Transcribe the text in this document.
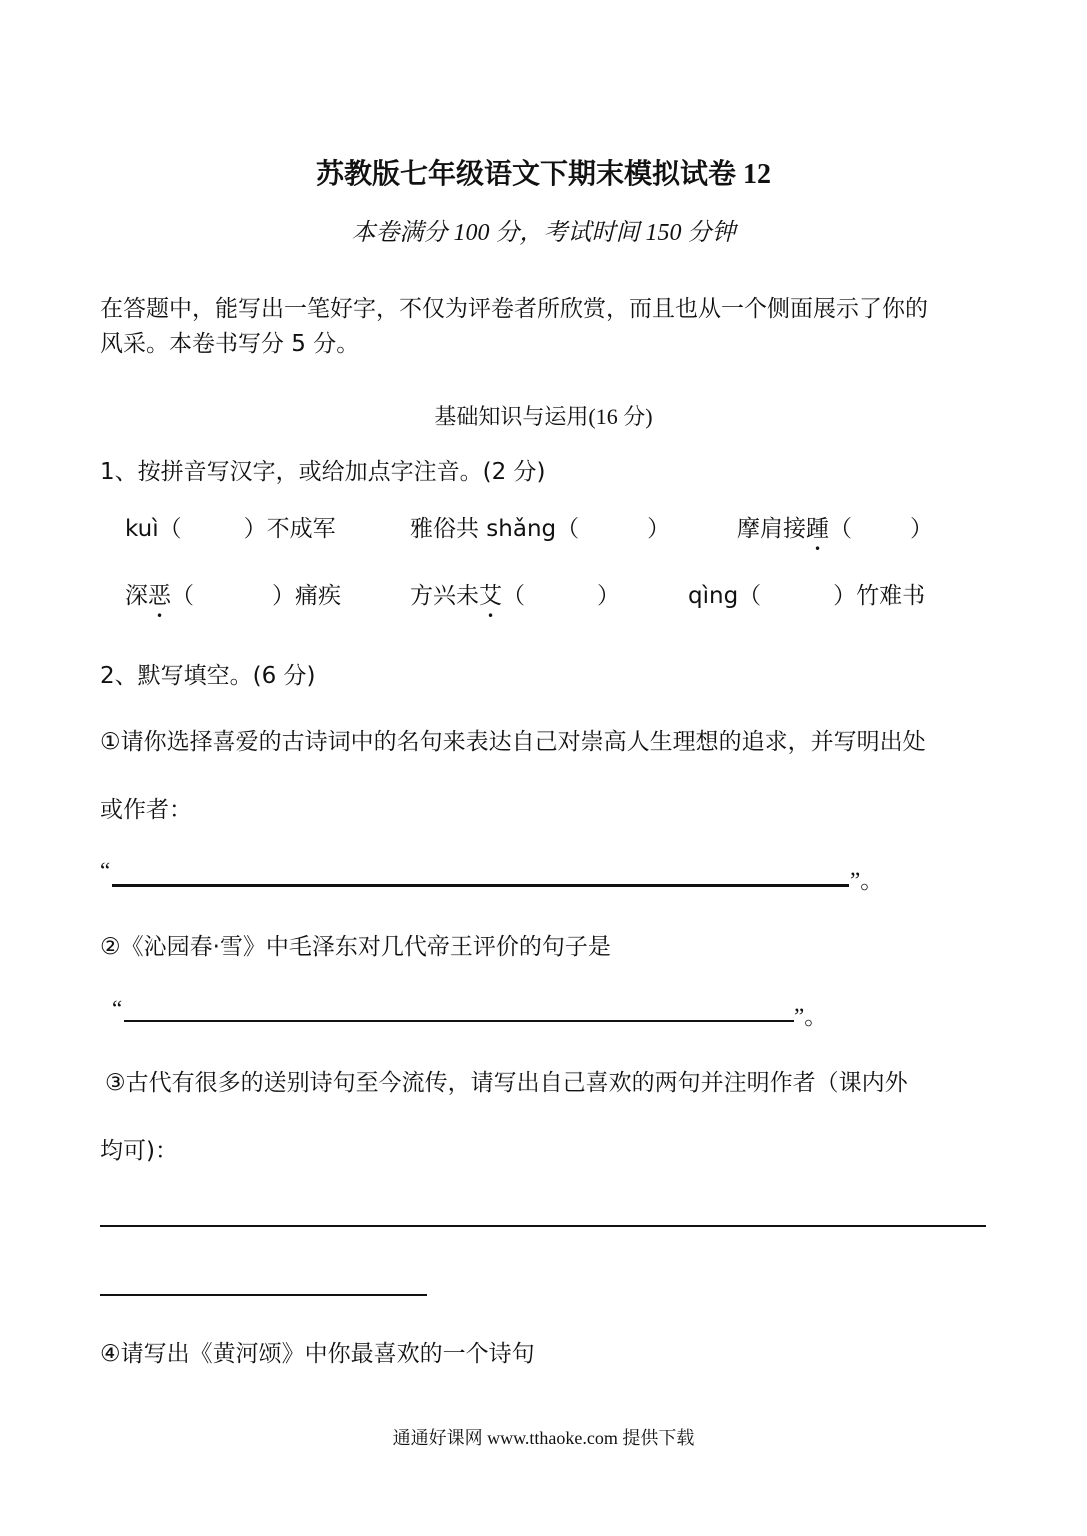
苏教版七年级语文下期末模拟试卷 12
本卷满分 100 分，考试时间 150 分钟
在答题中，能写出一笔好字，不仅为评卷者所欣赏，而且也从一个侧面展示了你的
风采。本卷书写分 5 分。
基础知识与运用(16 分)
1、按拼音写汉字，或给加点字注音。(2 分)
kuì（	）不成军	雅俗共 shǎng（	）	摩肩接踵（	）
深恶（	）痛疾	方兴未艾（	）	qìng（	）竹难书
2、默写填空。(6 分)
①请你选择喜爱的古诗词中的名句来表达自己对崇高人生理想的追求，并写明出处
或作者：
“	”。
②《沁园春·雪》中毛泽东对几代帝王评价的句子是
“	”。
③古代有很多的送别诗句至今流传，请写出自己喜欢的两句并注明作者（课内外
均可)：
④请写出《黄河颂》中你最喜欢的一个诗句
通通好课网 www.tthaoke.com 提供下载
